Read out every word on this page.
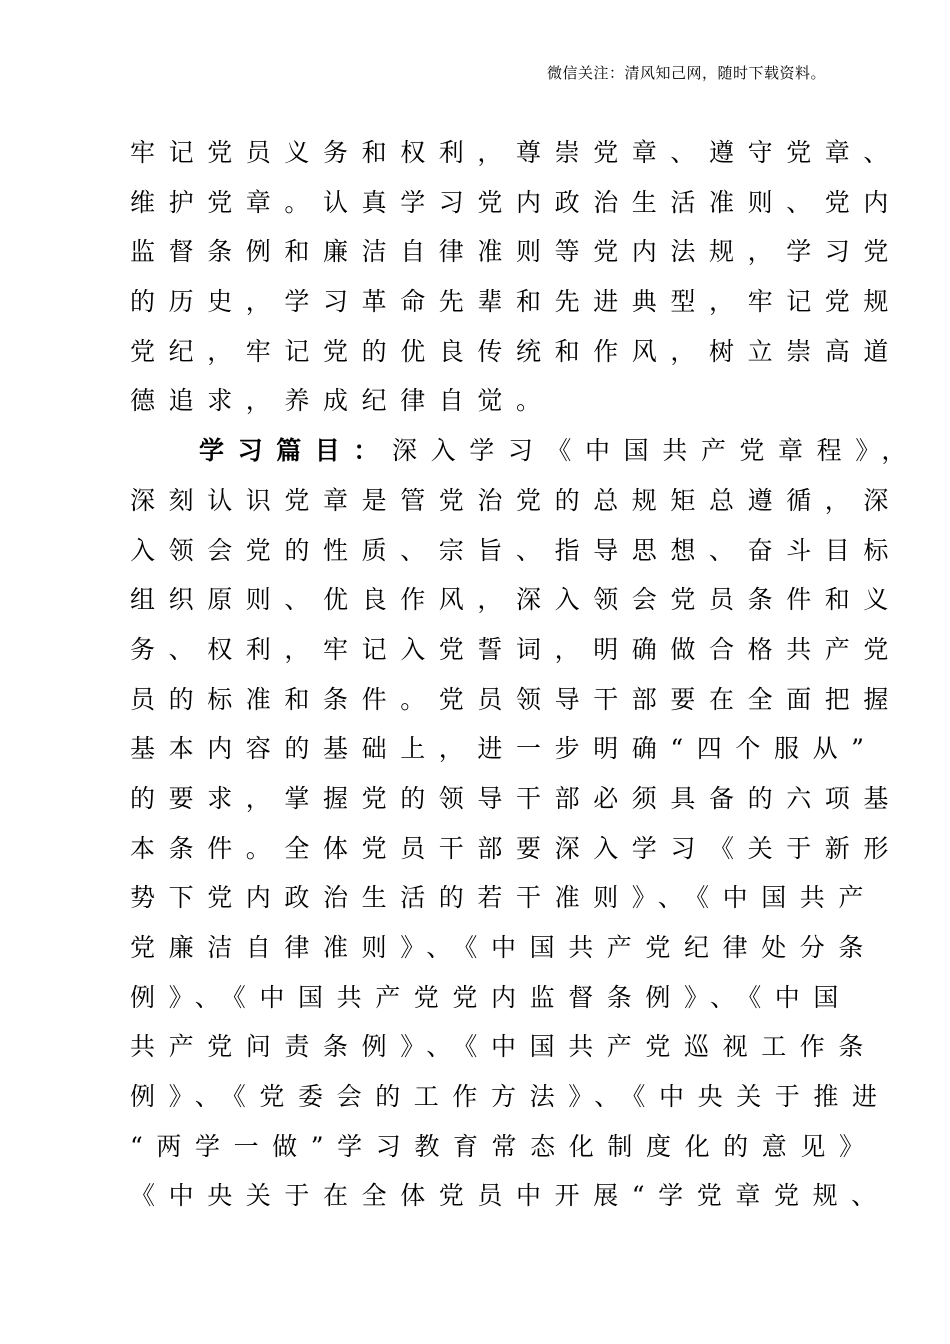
微信关注：清风知己网，随时下载资料。
牢记党员义务和权利，尊崇党章、遵守党章、
维护党章。认真学习党内政治生活准则、党内
监督条例和廉洁自律准则等党内法规，学习党
的历史，学习革命先辈和先进典型，牢记党规
党纪，牢记党的优良传统和作风，树立崇高道
德追求，养成纪律自觉。
学习篇目：深入学习《中国共产党章程》，
深刻认识党章是管党治党的总规矩总遵循，深
入领会党的性质、宗旨、指导思想、奋斗目标
组织原则、优良作风，深入领会党员条件和义
务、权利，牢记入党誓词，明确做合格共产党
员的标准和条件。党员领导干部要在全面把握
基本内容的基础上，进一步明确“四个服从”
的要求，掌握党的领导干部必须具备的六项基
本条件。全体党员干部要深入学习《关于新形
势下党内政治生活的若干准则》、《中国共产
党廉洁自律准则》、《中国共产党纪律处分条
例》、《中国共产党党内监督条例》、《中国
共产党问责条例》、《中国共产党巡视工作条
例》、《党委会的工作方法》、《中央关于推进
“两学一做”学习教育常态化制度化的意见》
《中央关于在全体党员中开展“学党章党规、
